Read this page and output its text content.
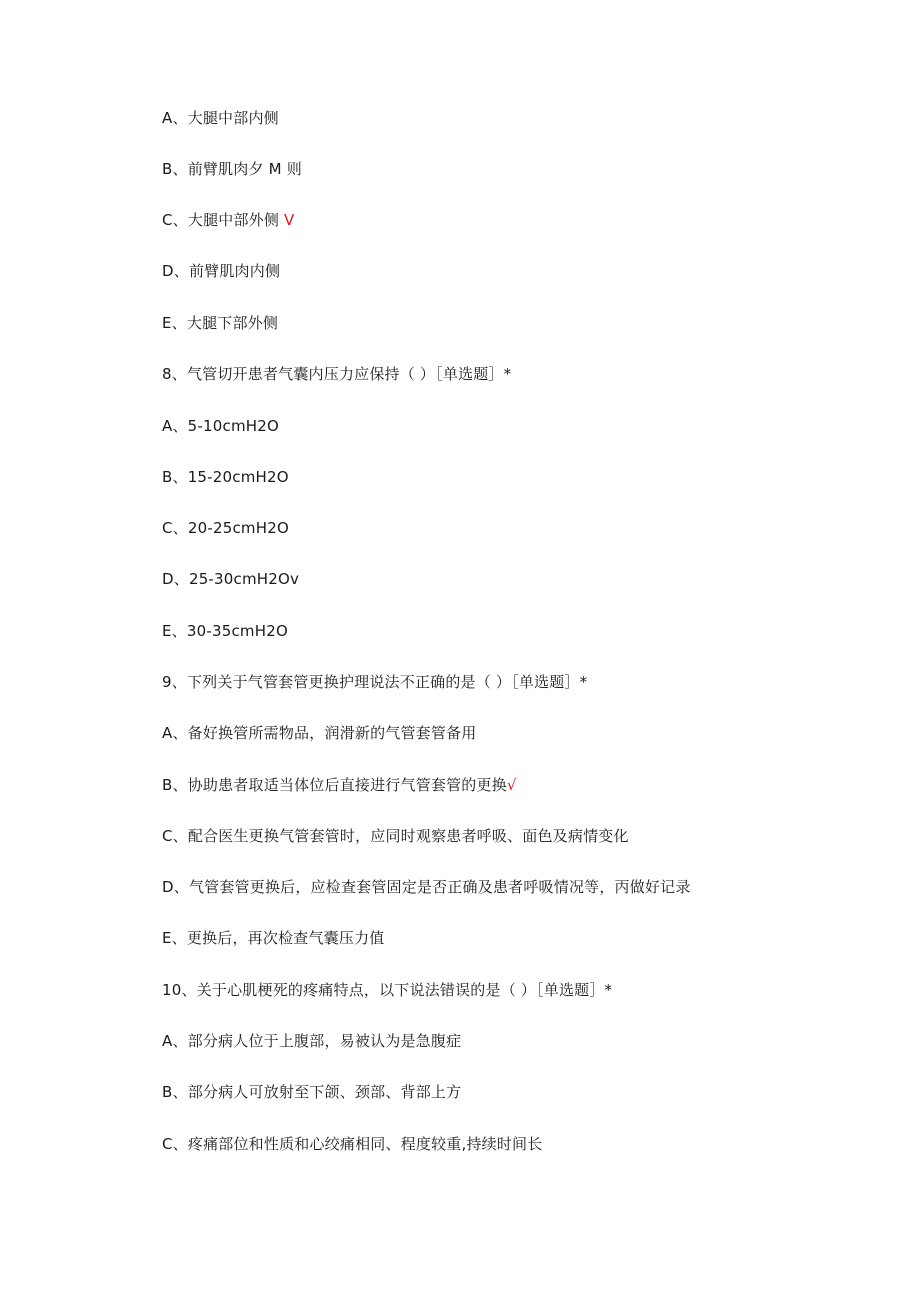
A、大腿中部内侧
B、前臂肌肉夕 M 则
C、大腿中部外侧 V
D、前臂肌肉内侧
E、大腿下部外侧
8、气管切开患者气囊内压力应保持（ ）［单选题］*
A、5-10cmH2O
B、15-20cmH2O
C、20-25cmH2O
D、25-30cmH2Ov
E、30-35cmH2O
9、下列关于气管套管更换护理说法不正确的是（ ）［单选题］*
A、备好换管所需物品，润滑新的气管套管备用
B、协助患者取适当体位后直接进行气管套管的更换√
C、配合医生更换气管套管时，应同时观察患者呼吸、面色及病情变化
D、气管套管更换后，应检查套管固定是否正确及患者呼吸情况等，丙做好记录
E、更换后，再次检查气囊压力值
10、关于心肌梗死的疼痛特点，以下说法错误的是（ ）［单选题］*
A、部分病人位于上腹部，易被认为是急腹症
B、部分病人可放射至下颌、颈部、背部上方
C、疼痛部位和性质和心绞痛相同、程度较重,持续时间长
